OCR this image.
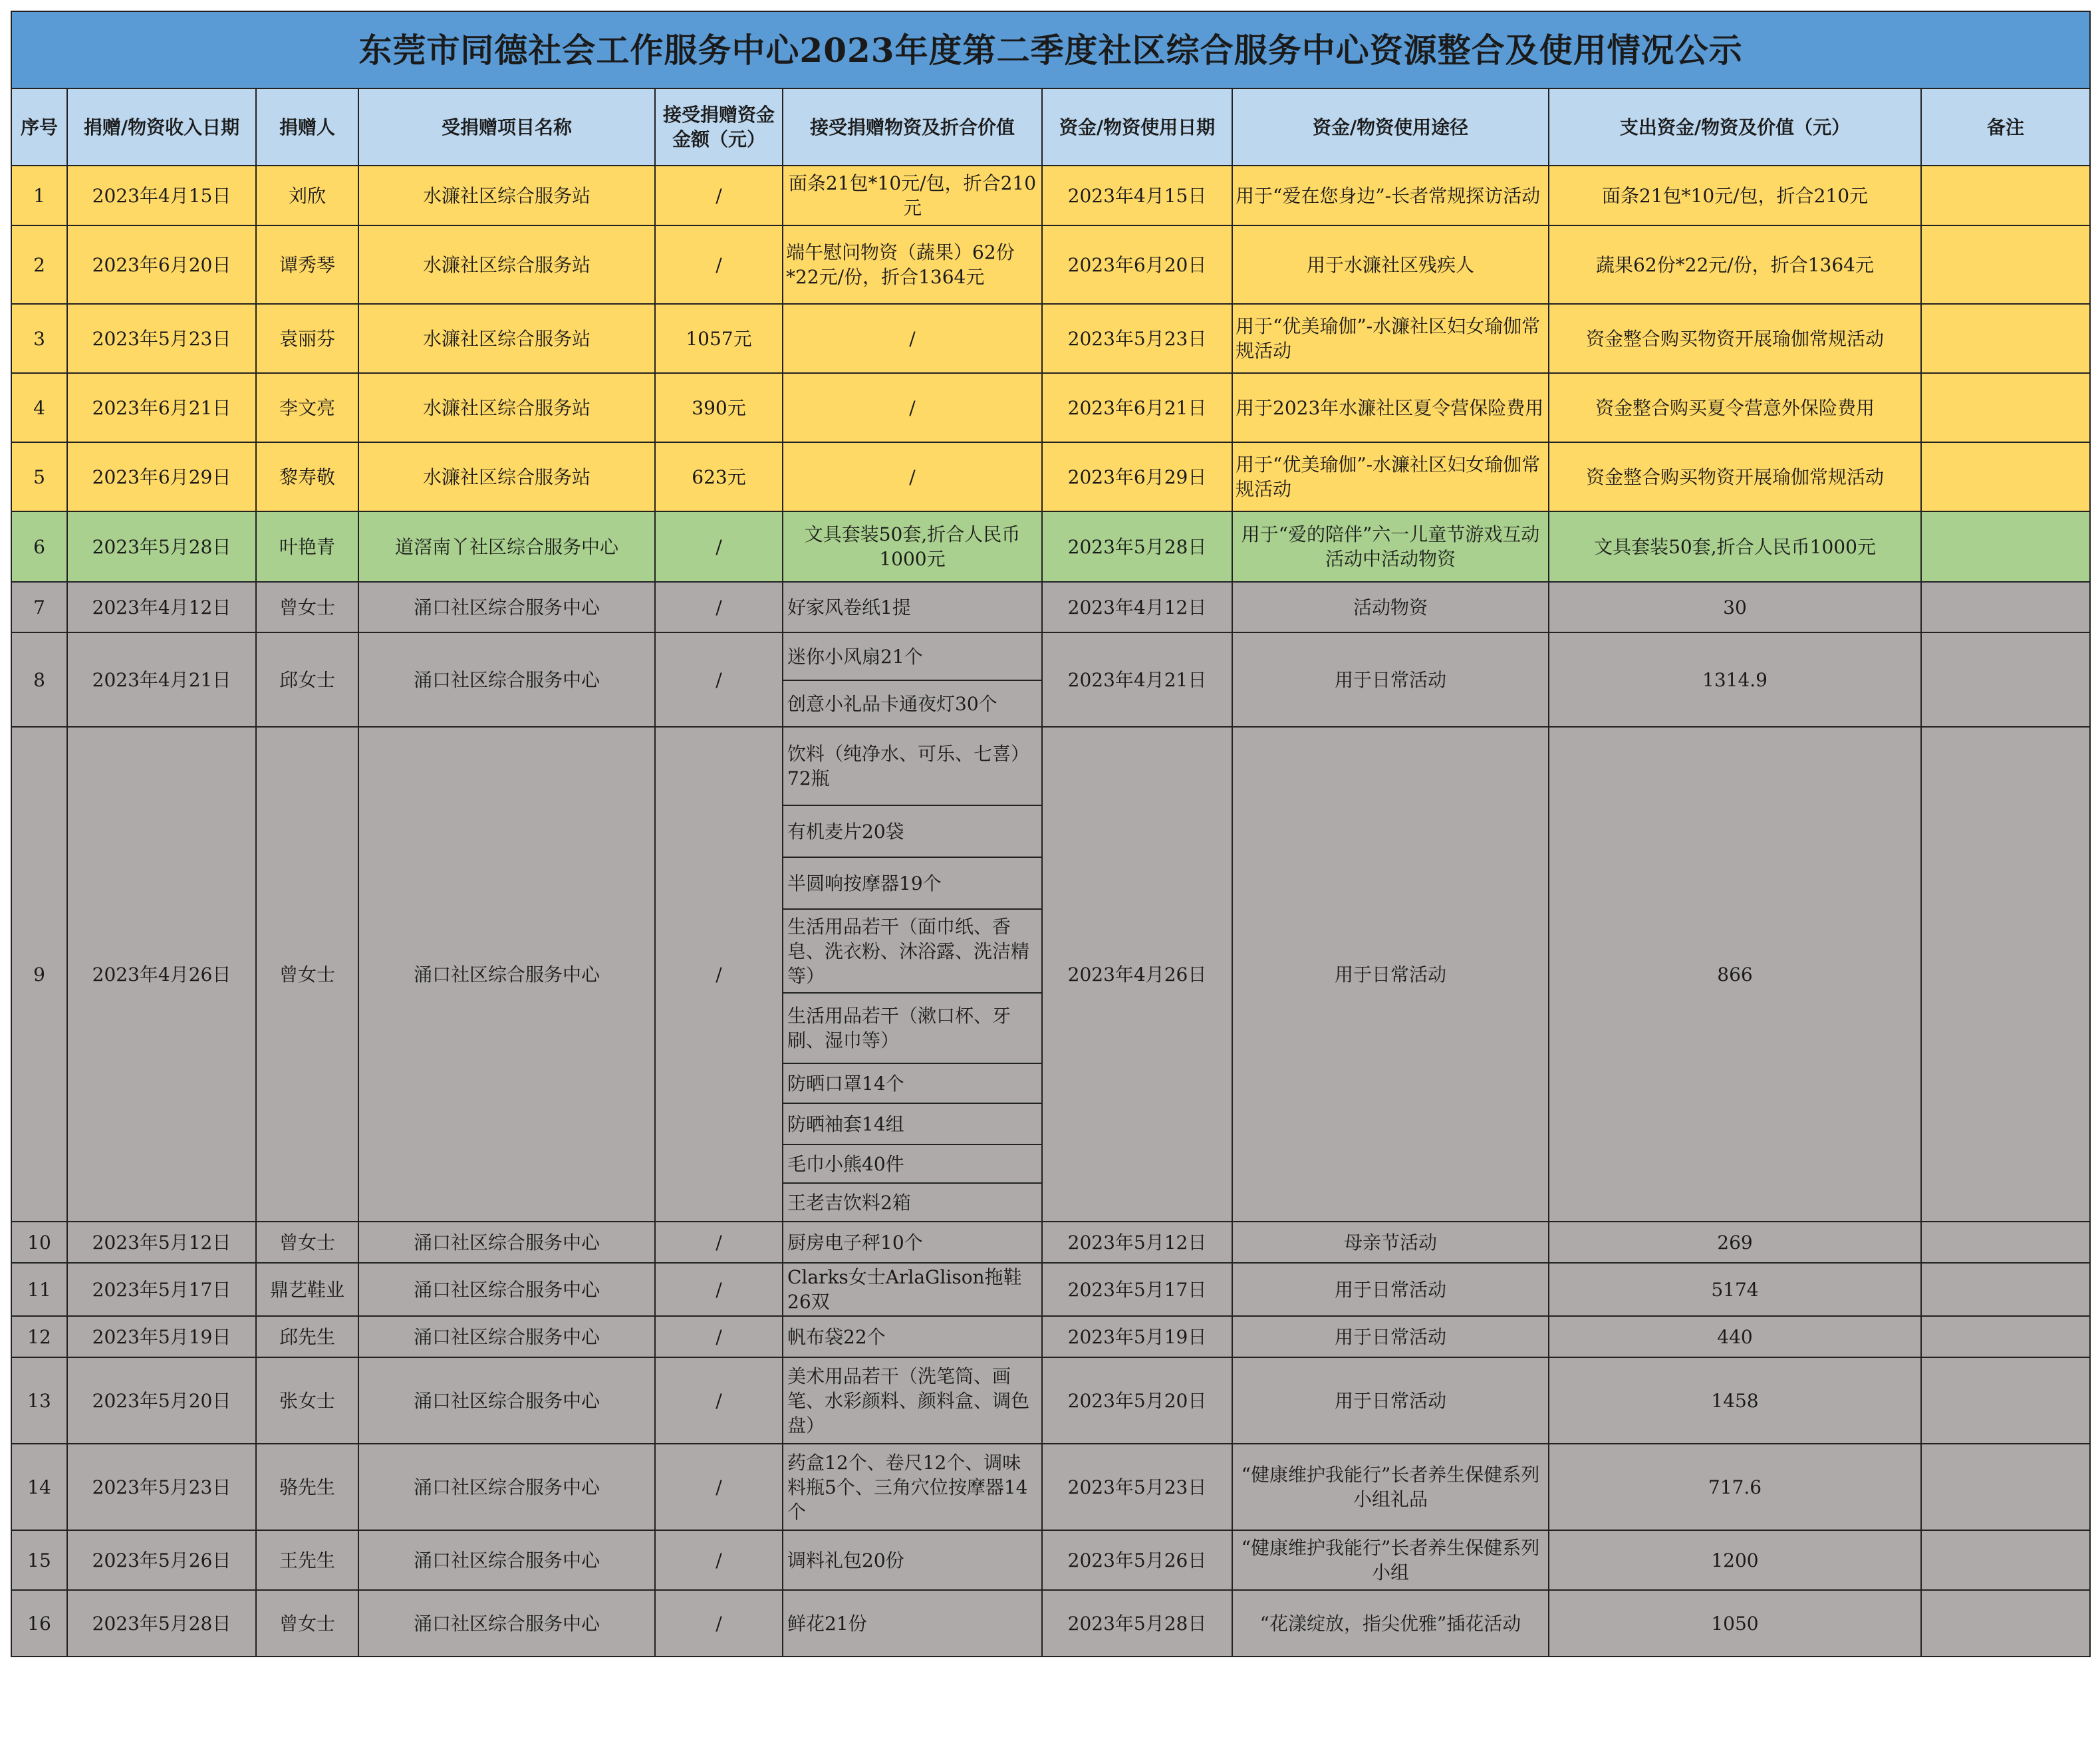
东莞市同德社会工作服务中心2023年度第二季度社区综合服务中心资源整合及使用情况公示									
序号	捐赠/物资收入日期	捐赠人	受捐赠项目名称	接受捐赠资金金额（元）	接受捐赠物资及折合价值	资金/物资使用日期	资金/物资使用途径	支出资金/物资及价值（元）	备注
1	2023年4月15日	刘欣	水濂社区综合服务站	/	面条21包*10元/包，折合210元	2023年4月15日	用于“爱在您身边”-长者常规探访活动	面条21包*10元/包，折合210元	
2	2023年6月20日	谭秀琴	水濂社区综合服务站	/	端午慰问物资（蔬果）62份*22元/份，折合1364元	2023年6月20日	用于水濂社区残疾人	蔬果62份*22元/份，折合1364元	
3	2023年5月23日	袁丽芬	水濂社区综合服务站	1057元	/	2023年5月23日	用于“优美瑜伽”-水濂社区妇女瑜伽常规活动	资金整合购买物资开展瑜伽常规活动	
4	2023年6月21日	李文亮	水濂社区综合服务站	390元	/	2023年6月21日	用于2023年水濂社区夏令营保险费用	资金整合购买夏令营意外保险费用	
5	2023年6月29日	黎寿敬	水濂社区综合服务站	623元	/	2023年6月29日	用于“优美瑜伽”-水濂社区妇女瑜伽常规活动	资金整合购买物资开展瑜伽常规活动	
6	2023年5月28日	叶艳青	道滘南丫社区综合服务中心	/	文具套装50套,折合人民币1000元	2023年5月28日	用于“爱的陪伴”六一儿童节游戏互动活动中活动物资	文具套装50套,折合人民币1000元	
7	2023年4月12日	曾女士	涌口社区综合服务中心	/	好家风卷纸1提	2023年4月12日	活动物资	30	
8	2023年4月21日	邱女士	涌口社区综合服务中心	/	迷你小风扇21个	2023年4月21日	用于日常活动	1314.9	
					创意小礼品卡通夜灯30个				
9	2023年4月26日	曾女士	涌口社区综合服务中心	/	饮料（纯净水、可乐、七喜）72瓶	2023年4月26日	用于日常活动	866	
					有机麦片20袋				
					半圆响按摩器19个				
					生活用品若干（面巾纸、香皂、洗衣粉、沐浴露、洗洁精等）				
					生活用品若干（漱口杯、牙刷、湿巾等）				
					防晒口罩14个				
					防晒袖套14组				
					毛巾小熊40件				
					王老吉饮料2箱				
10	2023年5月12日	曾女士	涌口社区综合服务中心	/	厨房电子秤10个	2023年5月12日	母亲节活动	269	
11	2023年5月17日	鼎艺鞋业	涌口社区综合服务中心	/	Clarks女士ArlaGlison拖鞋26双	2023年5月17日	用于日常活动	5174	
12	2023年5月19日	邱先生	涌口社区综合服务中心	/	帆布袋22个	2023年5月19日	用于日常活动	440	
13	2023年5月20日	张女士	涌口社区综合服务中心	/	美术用品若干（洗笔筒、画笔、水彩颜料、颜料盒、调色盘）	2023年5月20日	用于日常活动	1458	
14	2023年5月23日	骆先生	涌口社区综合服务中心	/	药盒12个、卷尺12个、调味料瓶5个、三角穴位按摩器14个	2023年5月23日	“健康维护我能行”长者养生保健系列小组礼品	717.6	
15	2023年5月26日	王先生	涌口社区综合服务中心	/	调料礼包20份	2023年5月26日	“健康维护我能行”长者养生保健系列小组	1200	
16	2023年5月28日	曾女士	涌口社区综合服务中心	/	鲜花21份	2023年5月28日	“花漾绽放，指尖优雅”插花活动	1050	
